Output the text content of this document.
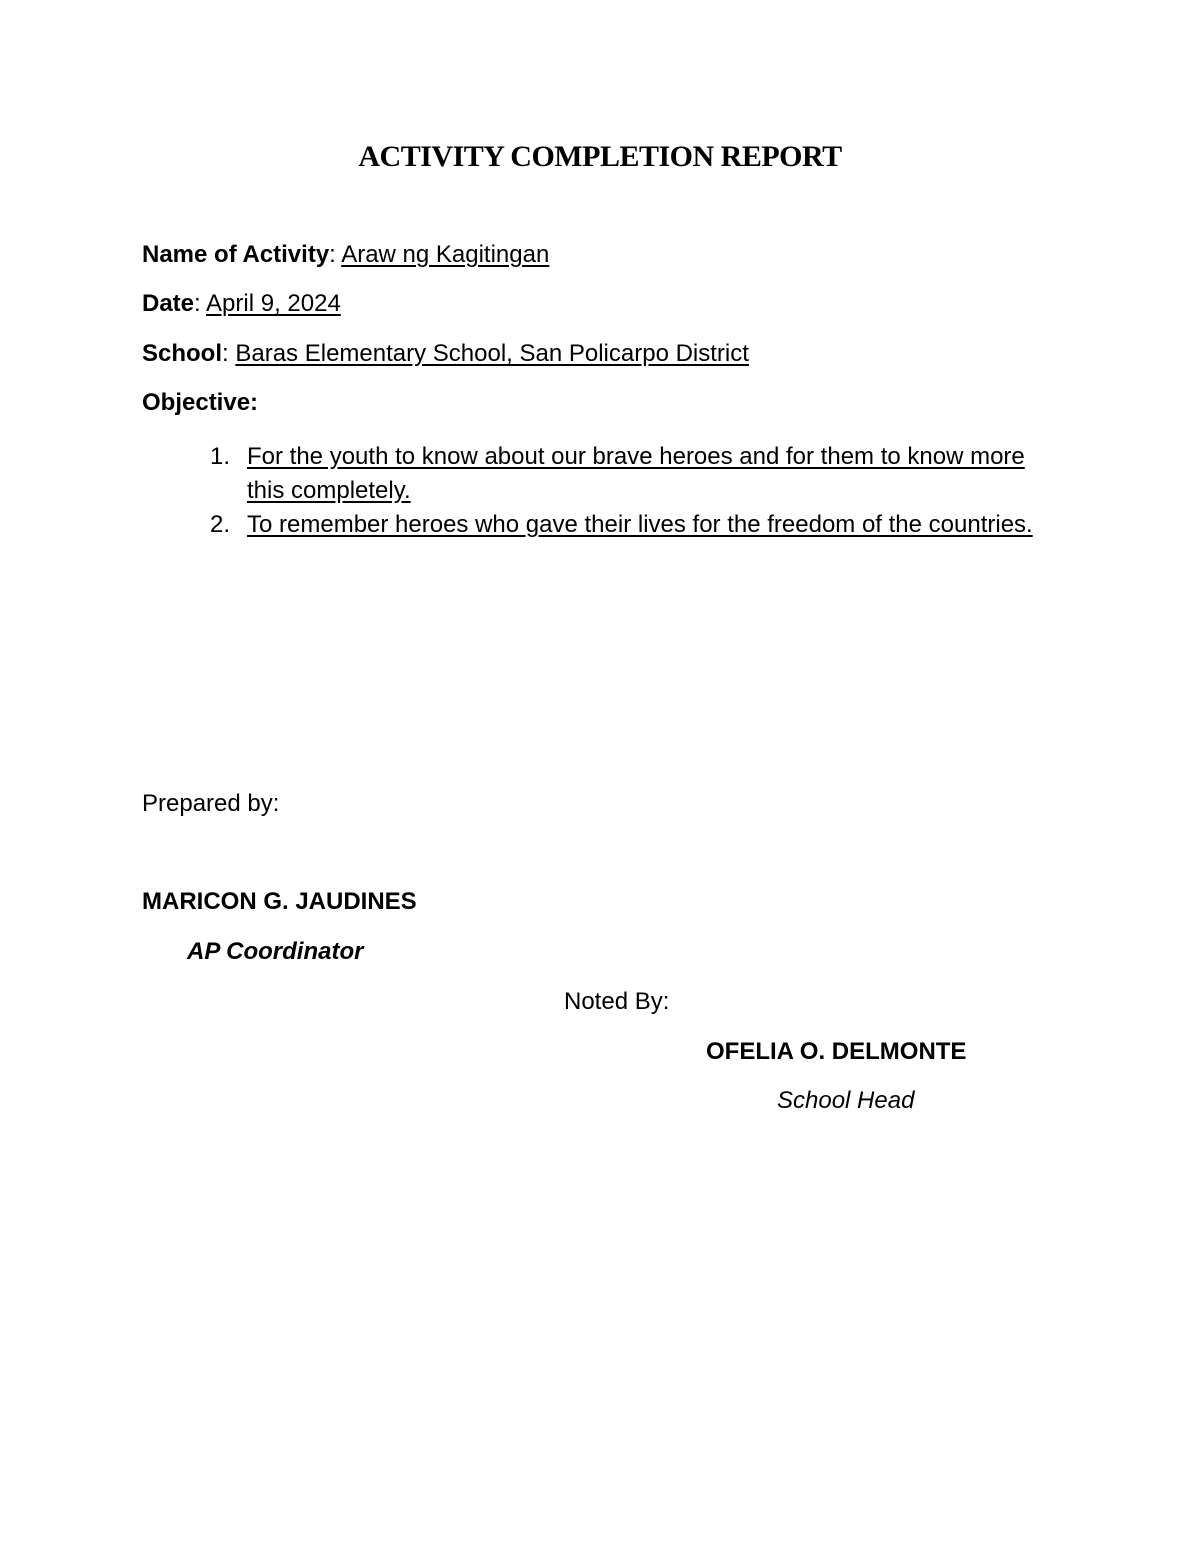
ACTIVITY COMPLETION REPORT
Name of Activity: Araw ng Kagitingan
Date: April 9, 2024
School: Baras Elementary School, San Policarpo District
Objective:
1. For the youth to know about our brave heroes and for them to know more this completely.
2. To remember heroes who gave their lives for the freedom of the countries.
Prepared by:
MARICON G. JAUDINES
AP Coordinator
Noted By:
OFELIA O. DELMONTE
School Head
